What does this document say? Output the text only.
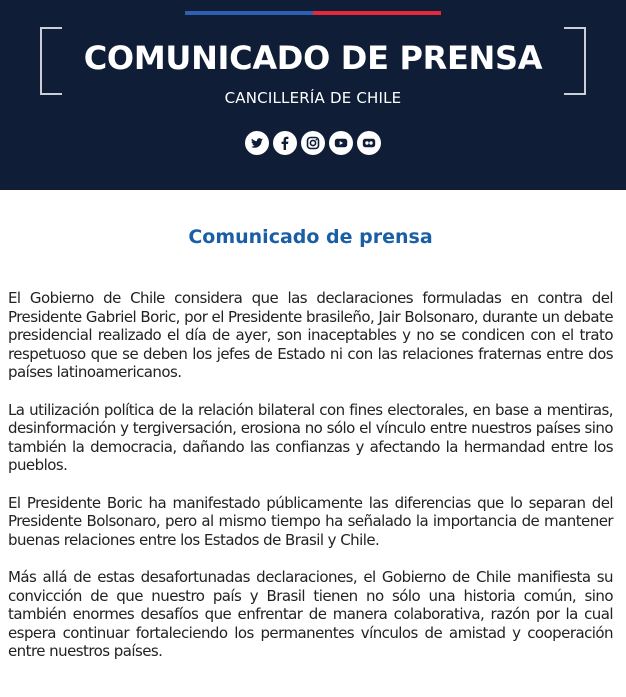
COMUNICADO DE PRENSA
CANCILLERÍA DE CHILE
Comunicado de prensa

El Gobierno de Chile considera que las declaraciones formuladas en contra del Presidente Gabriel Boric, por el Presidente brasileño, Jair Bolsonaro, durante un debate presidencial realizado el día de ayer, son inaceptables y no se condicen con el trato respetuoso que se deben los jefes de Estado ni con las relaciones fraternas entre dos países latinoamericanos.

La utilización política de la relación bilateral con fines electorales, en base a mentiras, desinformación y tergiversación, erosiona no sólo el vínculo entre nuestros países sino también la democracia, dañando las confianzas y afectando la hermandad entre los pueblos.

El Presidente Boric ha manifestado públicamente las diferencias que lo separan del Presidente Bolsonaro, pero al mismo tiempo ha señalado la importancia de mantener buenas relaciones entre los Estados de Brasil y Chile.

Más allá de estas desafortunadas declaraciones, el Gobierno de Chile manifiesta su convicción de que nuestro país y Brasil tienen no sólo una historia común, sino también enormes desafíos que enfrentar de manera colaborativa, razón por la cual espera continuar fortaleciendo los permanentes vínculos de amistad y cooperación entre nuestros países.
